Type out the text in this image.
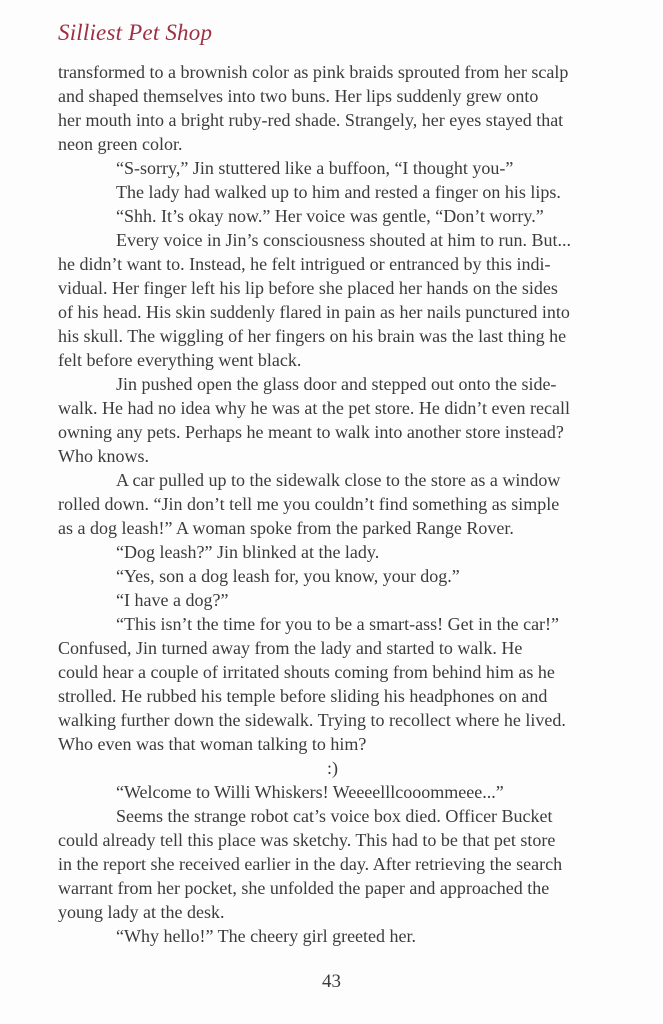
Silliest Pet Shop
transformed to a brownish color as pink braids sprouted from her scalp
and shaped themselves into two buns. Her lips suddenly grew onto
her mouth into a bright ruby-red shade. Strangely, her eyes stayed that
neon green color.
“S-sorry,” Jin stuttered like a buffoon, “I thought you-”
The lady had walked up to him and rested a finger on his lips.
“Shh. It’s okay now.” Her voice was gentle, “Don’t worry.”
Every voice in Jin’s consciousness shouted at him to run. But...
he didn’t want to. Instead, he felt intrigued or entranced by this indi-
vidual. Her finger left his lip before she placed her hands on the sides
of his head. His skin suddenly flared in pain as her nails punctured into
his skull. The wiggling of her fingers on his brain was the last thing he
felt before everything went black.
Jin pushed open the glass door and stepped out onto the side-
walk. He had no idea why he was at the pet store. He didn’t even recall
owning any pets. Perhaps he meant to walk into another store instead?
Who knows.
A car pulled up to the sidewalk close to the store as a window
rolled down. “Jin don’t tell me you couldn’t find something as simple
as a dog leash!” A woman spoke from the parked Range Rover.
“Dog leash?” Jin blinked at the lady.
“Yes, son a dog leash for, you know, your dog.”
“I have a dog?”
“This isn’t the time for you to be a smart-ass! Get in the car!”
Confused, Jin turned away from the lady and started to walk. He
could hear a couple of irritated shouts coming from behind him as he
strolled. He rubbed his temple before sliding his headphones on and
walking further down the sidewalk. Trying to recollect where he lived.
Who even was that woman talking to him?
:)
“Welcome to Willi Whiskers! Weeeelllcooommeee...”
Seems the strange robot cat’s voice box died. Officer Bucket
could already tell this place was sketchy. This had to be that pet store
in the report she received earlier in the day. After retrieving the search
warrant from her pocket, she unfolded the paper and approached the
young lady at the desk.
“Why hello!” The cheery girl greeted her.
43
